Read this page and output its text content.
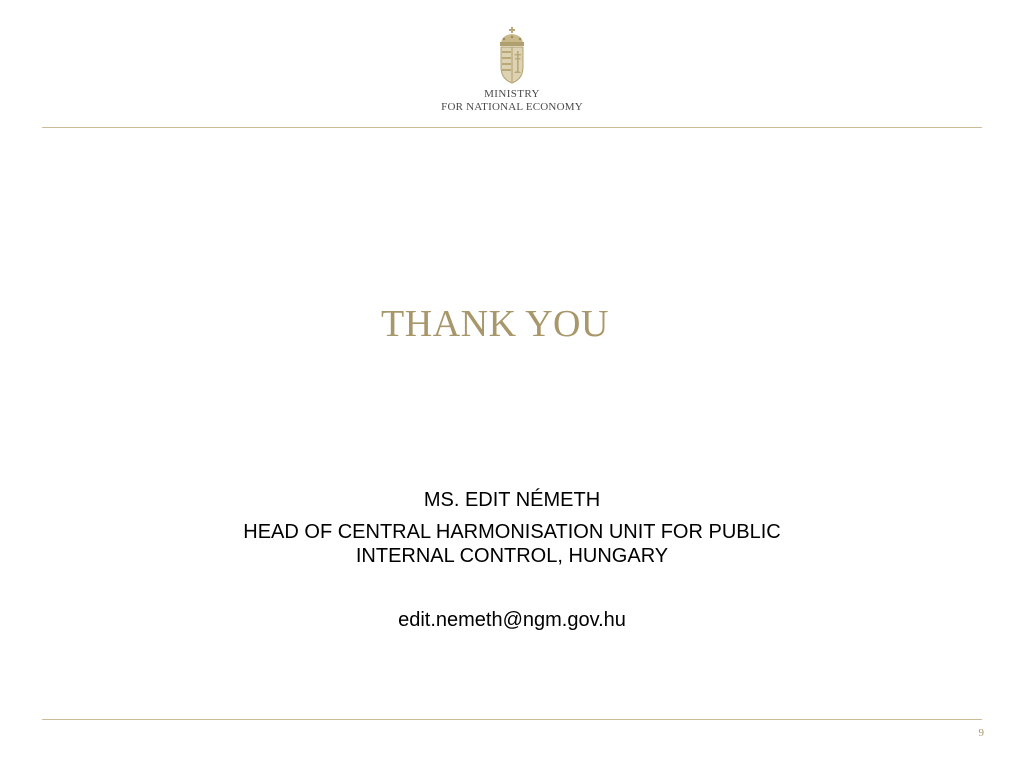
MINISTRY
FOR NATIONAL ECONOMY
THANK YOU
MS. EDIT NÉMETH
HEAD OF CENTRAL HARMONISATION UNIT FOR PUBLIC
INTERNAL CONTROL, HUNGARY
edit.nemeth@ngm.gov.hu
9
